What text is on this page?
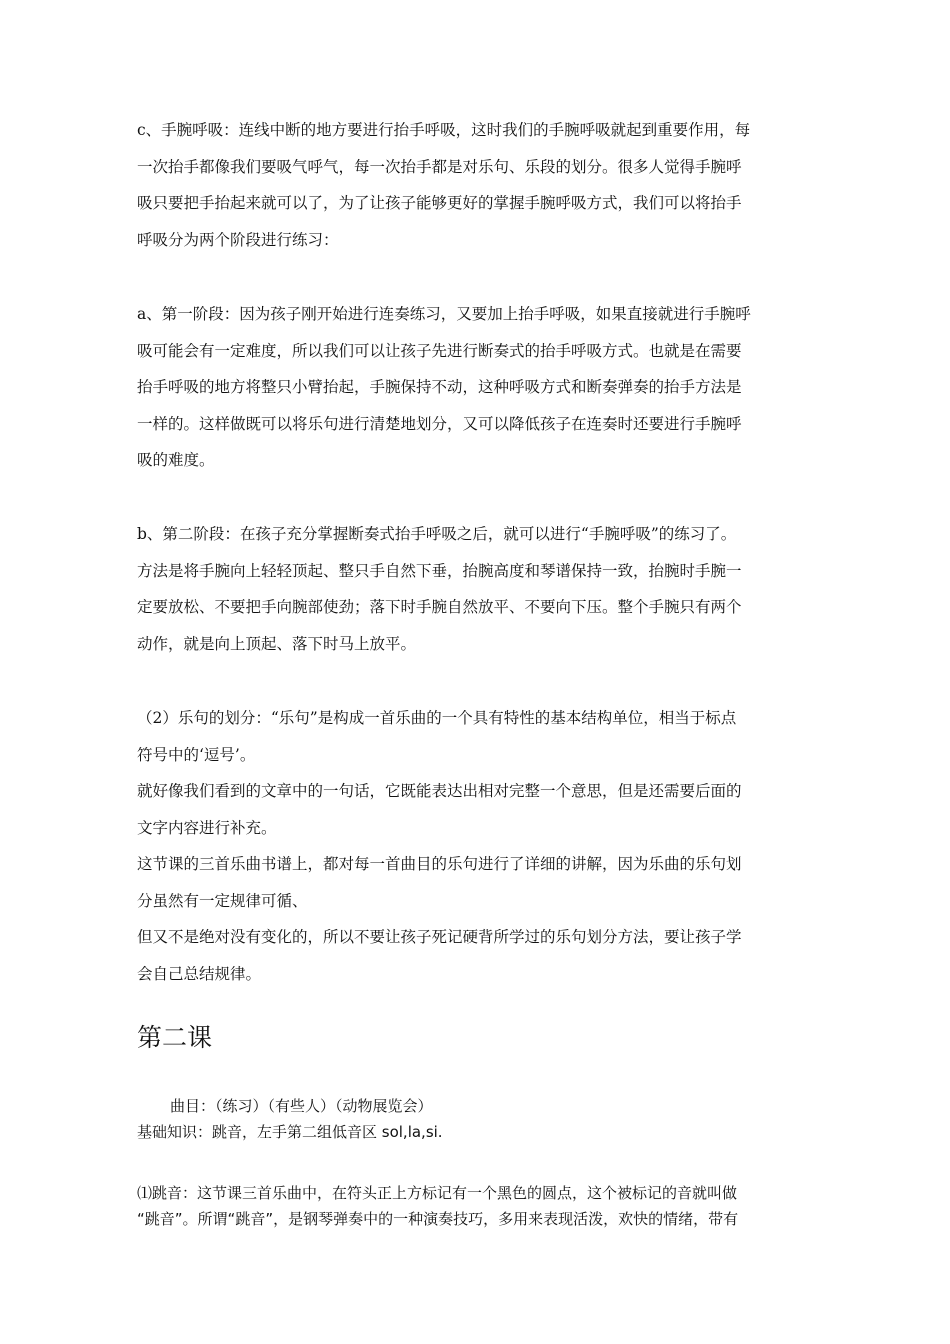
c、手腕呼吸：连线中断的地方要进行抬手呼吸，这时我们的手腕呼吸就起到重要作用，每
一次抬手都像我们要吸气呼气，每一次抬手都是对乐句、乐段的划分。很多人觉得手腕呼
吸只要把手抬起来就可以了，为了让孩子能够更好的掌握手腕呼吸方式，我们可以将抬手
呼吸分为两个阶段进行练习：

a、第一阶段：因为孩子刚开始进行连奏练习，又要加上抬手呼吸，如果直接就进行手腕呼
吸可能会有一定难度，所以我们可以让孩子先进行断奏式的抬手呼吸方式。也就是在需要
抬手呼吸的地方将整只小臂抬起，手腕保持不动，这种呼吸方式和断奏弹奏的抬手方法是
一样的。这样做既可以将乐句进行清楚地划分，又可以降低孩子在连奏时还要进行手腕呼
吸的难度。

b、第二阶段：在孩子充分掌握断奏式抬手呼吸之后，就可以进行“手腕呼吸”的练习了。
方法是将手腕向上轻轻顶起、整只手自然下垂，抬腕高度和琴谱保持一致，抬腕时手腕一
定要放松、不要把手向腕部使劲；落下时手腕自然放平、不要向下压。整个手腕只有两个
动作，就是向上顶起、落下时马上放平。

（2）乐句的划分：“乐句”是构成一首乐曲的一个具有特性的基本结构单位，相当于标点
符号中的‘逗号’。
就好像我们看到的文章中的一句话，它既能表达出相对完整一个意思，但是还需要后面的
文字内容进行补充。
这节课的三首乐曲书谱上，都对每一首曲目的乐句进行了详细的讲解，因为乐曲的乐句划
分虽然有一定规律可循、
但又不是绝对没有变化的，所以不要让孩子死记硬背所学过的乐句划分方法，要让孩子学
会自己总结规律。

第二课

曲目：（练习）（有些人）（动物展览会）

基础知识：跳音，左手第二组低音区 sol,la,si.

⑴跳音：这节课三首乐曲中，在符头正上方标记有一个黑色的圆点，这个被标记的音就叫做
“跳音”。所谓“跳音”，是钢琴弹奏中的一种演奏技巧，多用来表现活泼，欢快的情绪，带有
